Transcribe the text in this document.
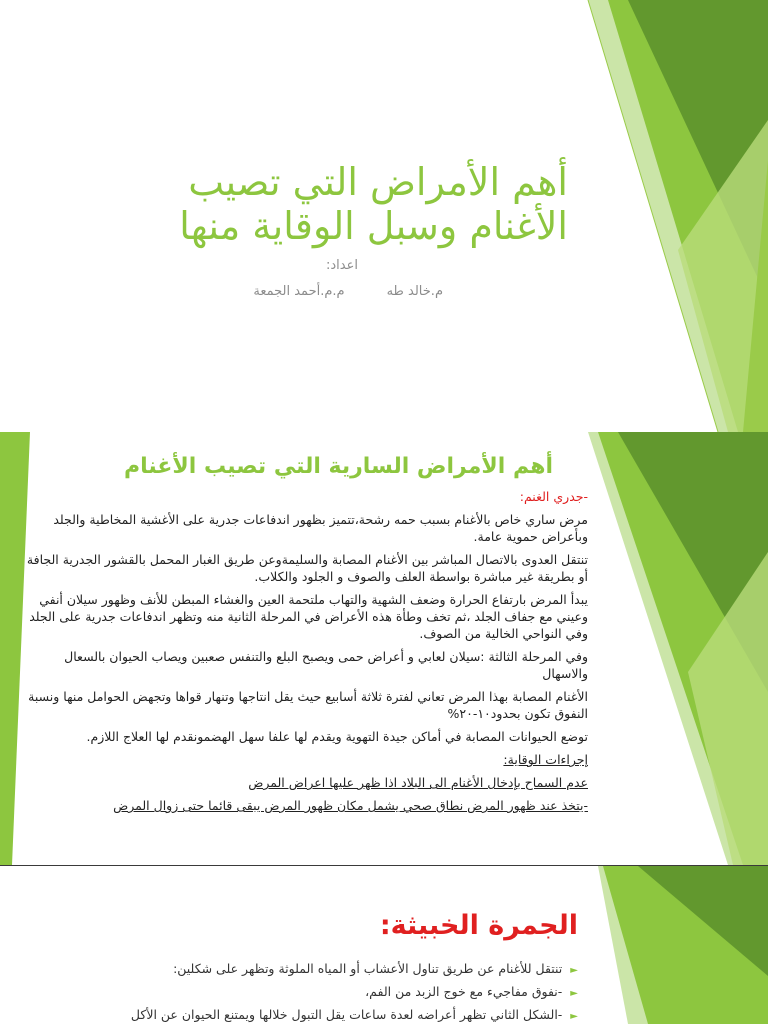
أهم الأمراض التي تصيب الأغنام وسبل الوقاية منها
اعداد:
م.خالد طه
م.م.أحمد الجمعة
أهم الأمراض السارية التي تصيب الأغنام

-جدري الغنم:

مرض ساري خاص بالأغنام بسبب حمه رشحة،تتميز بظهور اندفاعات جدرية على الأغشية المخاطية والجلد وبأعراض حموية عامة.

تنتقل العدوى بالاتصال المباشر بين الأغنام المصابة والسليمةوعن طريق الغبار المحمل بالقشور الجدرية الجافة أو بطريقة غير مباشرة بواسطة العلف والصوف و الجلود والكلاب.

يبدأ المرض بارتفاع الحرارة وضعف الشهية والتهاب ملتحمة العين والغشاء المبطن للأنف وظهور سيلان أنفي وعيني مع جفاف الجلد ،ثم تخف وطأة هذه الأعراض في المرحلة الثانية منه وتظهر اندفاعات جدرية على الجلد وفي النواحي الخالية من الصوف.

وفي المرحلة الثالثة :سيلان لعابي و أعراض حمى ويصبح البلع والتنفس صعبين ويصاب الحيوان بالسعال والاسهال

الأغنام المصابة بهذا المرض تعاني لفترة ثلاثة أسابيع حيث يقل انتاجها وتنهار قواها وتجهض الحوامل منها ونسبة النفوق تكون بحدود١٠-٢٠%

توضع الحيوانات المصابة في أماكن جيدة التهوية ويقدم لها علفا سهل الهضمونقدم لها العلاج اللازم.

إجراءات الوقاية:

عدم السماح بإدخال الأغنام الى البلاد اذا ظهر عليها اعراض المرض

-يتخذ عند ظهور المرض نطاق صحي يشمل مكان ظهور المرض يبقى قائما حتى زوال المرض

الجمرة الخبيثة:
►
تنتقل للأغنام عن طريق تناول الأعشاب أو المياه الملوثة وتظهر على شكلين:
►
-نفوق مفاجيء مع خوج الزبد من الفم،
►
-الشكل الثاني تظهر أعراضه لعدة ساعات يقل التبول خلالها ويمتنع الحيوان عن الأكل
